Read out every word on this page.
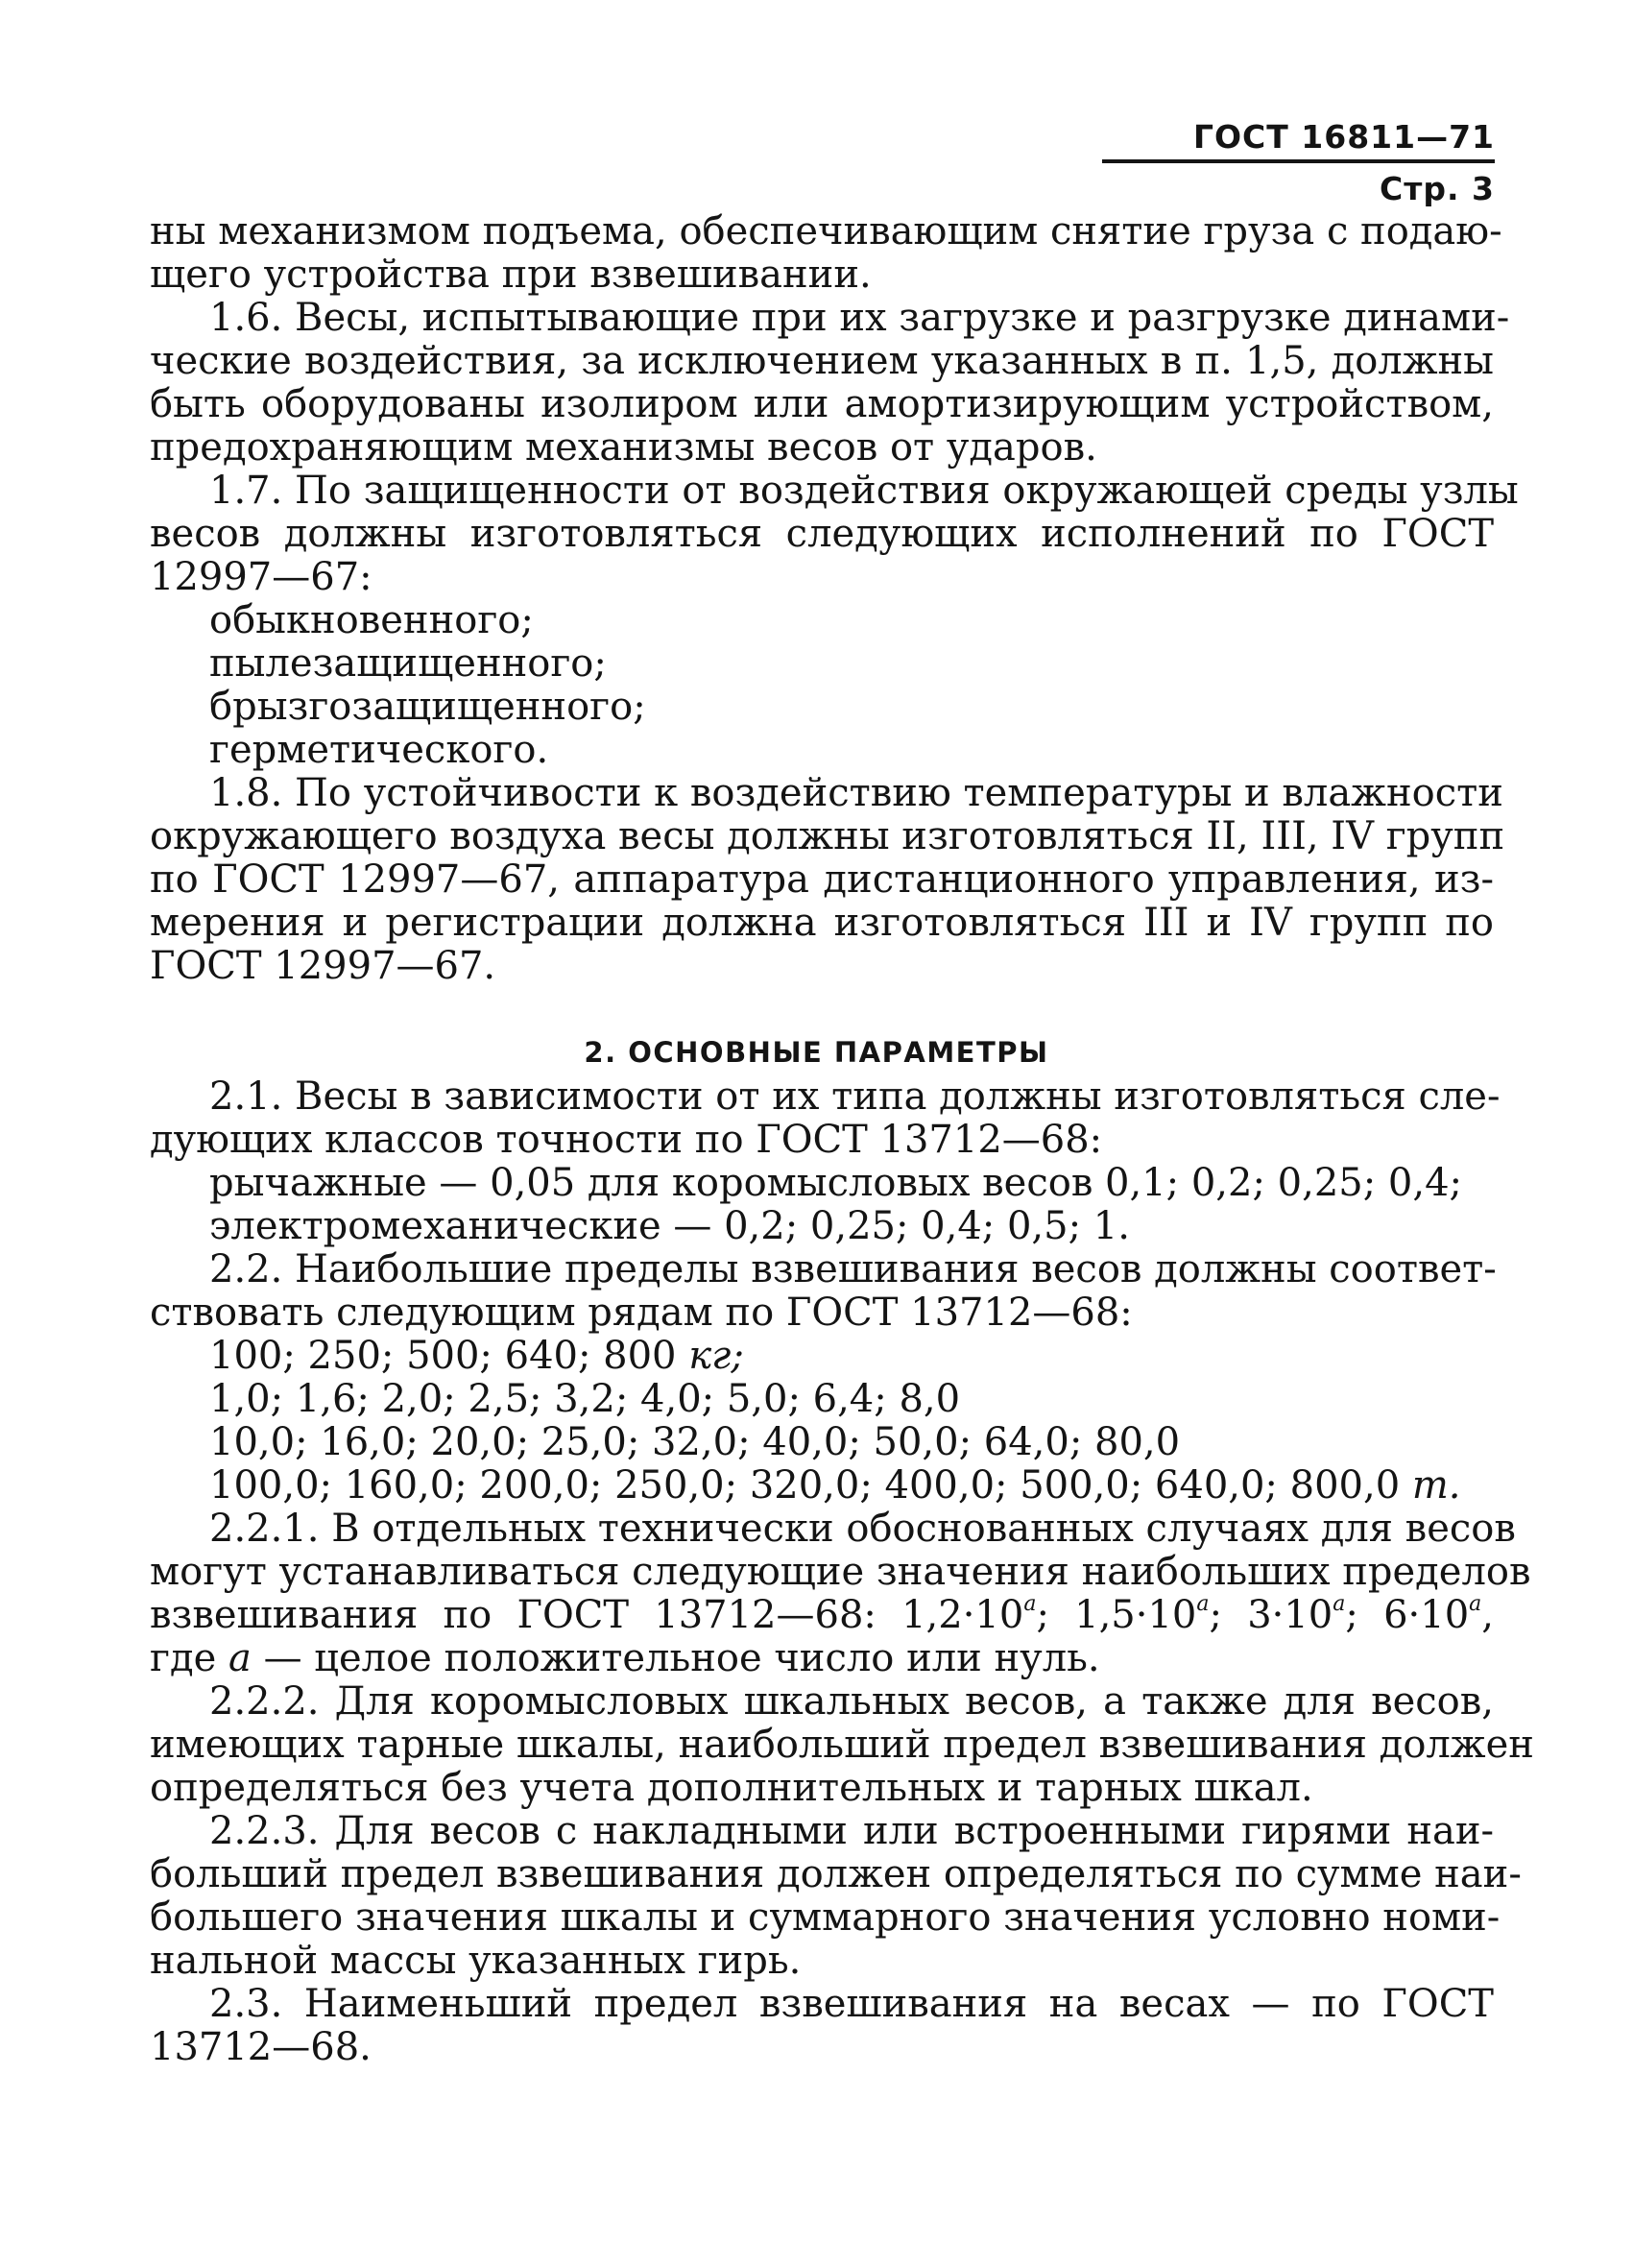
ГОСТ 16811—71 Стр. 3
ны механизмом подъема, обеспечивающим снятие груза с подаю-
щего устройства при взвешивании.
1.6. Весы, испытывающие при их загрузке и разгрузке динами-
ческие воздействия, за исключением указанных в п. 1,5, должны
быть оборудованы изолиром или амортизирующим устройством,
предохраняющим механизмы весов от ударов.
1.7. По защищенности от воздействия окружающей среды узлы
весов должны изготовляться следующих исполнений по ГОСТ
12997—67:
обыкновенного;
пылезащищенного;
брызгозащищенного;
герметического.
1.8. По устойчивости к воздействию температуры и влажности
окружающего воздуха весы должны изготовляться II, III, IV групп
по ГОСТ 12997—67, аппаратура дистанционного управления, из-
мерения и регистрации должна изготовляться III и IV групп по
ГОСТ 12997—67.
2. ОСНОВНЫЕ ПАРАМЕТРЫ
2.1. Весы в зависимости от их типа должны изготовляться сле-
дующих классов точности по ГОСТ 13712—68:
рычажные — 0,05 для коромысловых весов 0,1; 0,2; 0,25; 0,4;
электромеханические — 0,2; 0,25; 0,4; 0,5; 1.
2.2. Наибольшие пределы взвешивания весов должны соответ-
ствовать следующим рядам по ГОСТ 13712—68:
100; 250; 500; 640; 800 кг;
1,0; 1,6; 2,0; 2,5; 3,2; 4,0; 5,0; 6,4; 8,0
10,0; 16,0; 20,0; 25,0; 32,0; 40,0; 50,0; 64,0; 80,0
100,0; 160,0; 200,0; 250,0; 320,0; 400,0; 500,0; 640,0; 800,0 т.
2.2.1. В отдельных технически обоснованных случаях для весов
могут устанавливаться следующие значения наибольших пределов
взвешивания по ГОСТ 13712—68: $1,2\cdot 10^a$; $1,5\cdot 10^a$; $3\cdot 10^a$; $6\cdot 10^a$,
где a — целое положительное число или нуль.
2.2.2. Для коромысловых шкальных весов, а также для весов,
имеющих тарные шкалы, наибольший предел взвешивания должен
определяться без учета дополнительных и тарных шкал.
2.2.3. Для весов с накладными или встроенными гирями наи-
больший предел взвешивания должен определяться по сумме наи-
большего значения шкалы и суммарного значения условно номи-
нальной массы указанных гирь.
2.3. Наименьший предел взвешивания на весах — по ГОСТ
13712—68.
